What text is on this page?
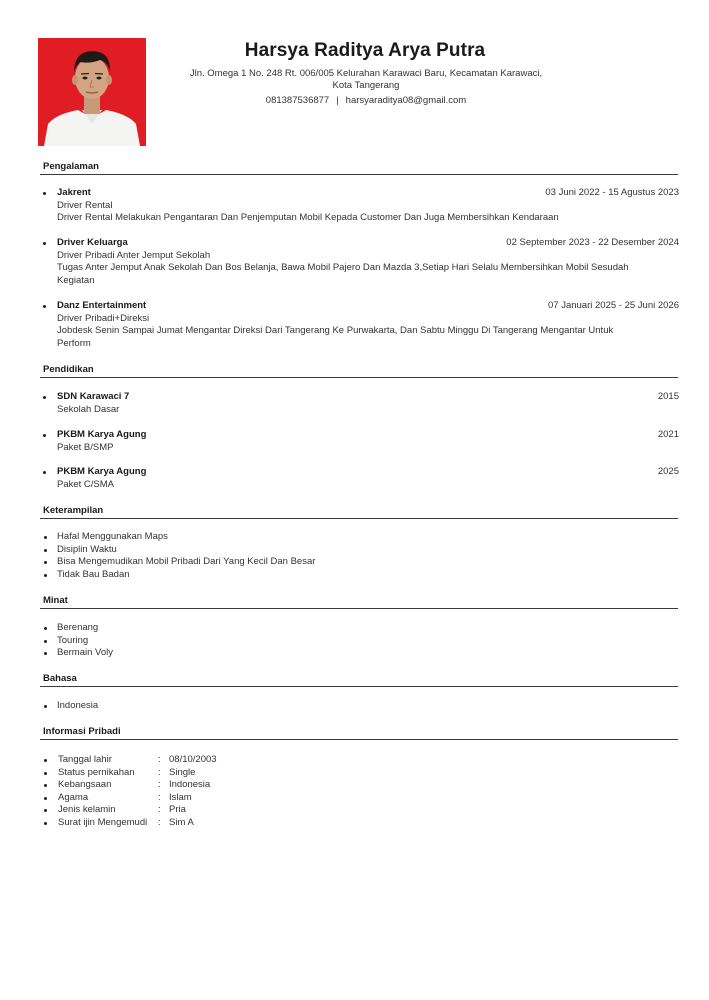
Harsya Raditya Arya Putra
Jln. Omega 1 No. 248 Rt. 006/005 Kelurahan Karawaci Baru, Kecamatan Karawaci,
Kota Tangerang
081387536877 | harsyaraditya08@gmail.com
Pengalaman
Jakrent	03 Juni 2022 - 15 Agustus 2023
Driver Rental
Driver Rental Melakukan Pengantaran Dan Penjemputan Mobil Kepada Customer Dan Juga Membersihkan Kendaraan
Driver Keluarga	02 September 2023 - 22 Desember 2024
Driver Pribadi Anter Jemput Sekolah
Tugas Anter Jemput Anak Sekolah Dan Bos Belanja, Bawa Mobil Pajero Dan Mazda 3,Setiap Hari Selalu Membersihkan Mobil Sesudah
Kegiatan
Danz Entertainment	07 Januari 2025 - 25 Juni 2026
Driver Pribadi+Direksi
Jobdesk Senin Sampai Jumat Mengantar Direksi Dari Tangerang Ke Purwakarta, Dan Sabtu Minggu Di Tangerang Mengantar Untuk
Perform
Pendidikan
SDN Karawaci 7	2015
Sekolah Dasar
PKBM Karya Agung	2021
Paket B/SMP
PKBM Karya Agung	2025
Paket C/SMA
Keterampilan
Hafal Menggunakan Maps
Disiplin Waktu
Bisa Mengemudikan Mobil Pribadi Dari Yang Kecil Dan Besar
Tidak Bau Badan
Minat
Berenang
Touring
Bermain Voly
Bahasa
Indonesia
Informasi Pribadi
Tanggal lahir	: 08/10/2003
Status pernikahan : Single
Kebangsaan	: Indonesia
Agama	: Islam
Jenis kelamin	: Pria
Surat ijin Mengemudi : Sim A
